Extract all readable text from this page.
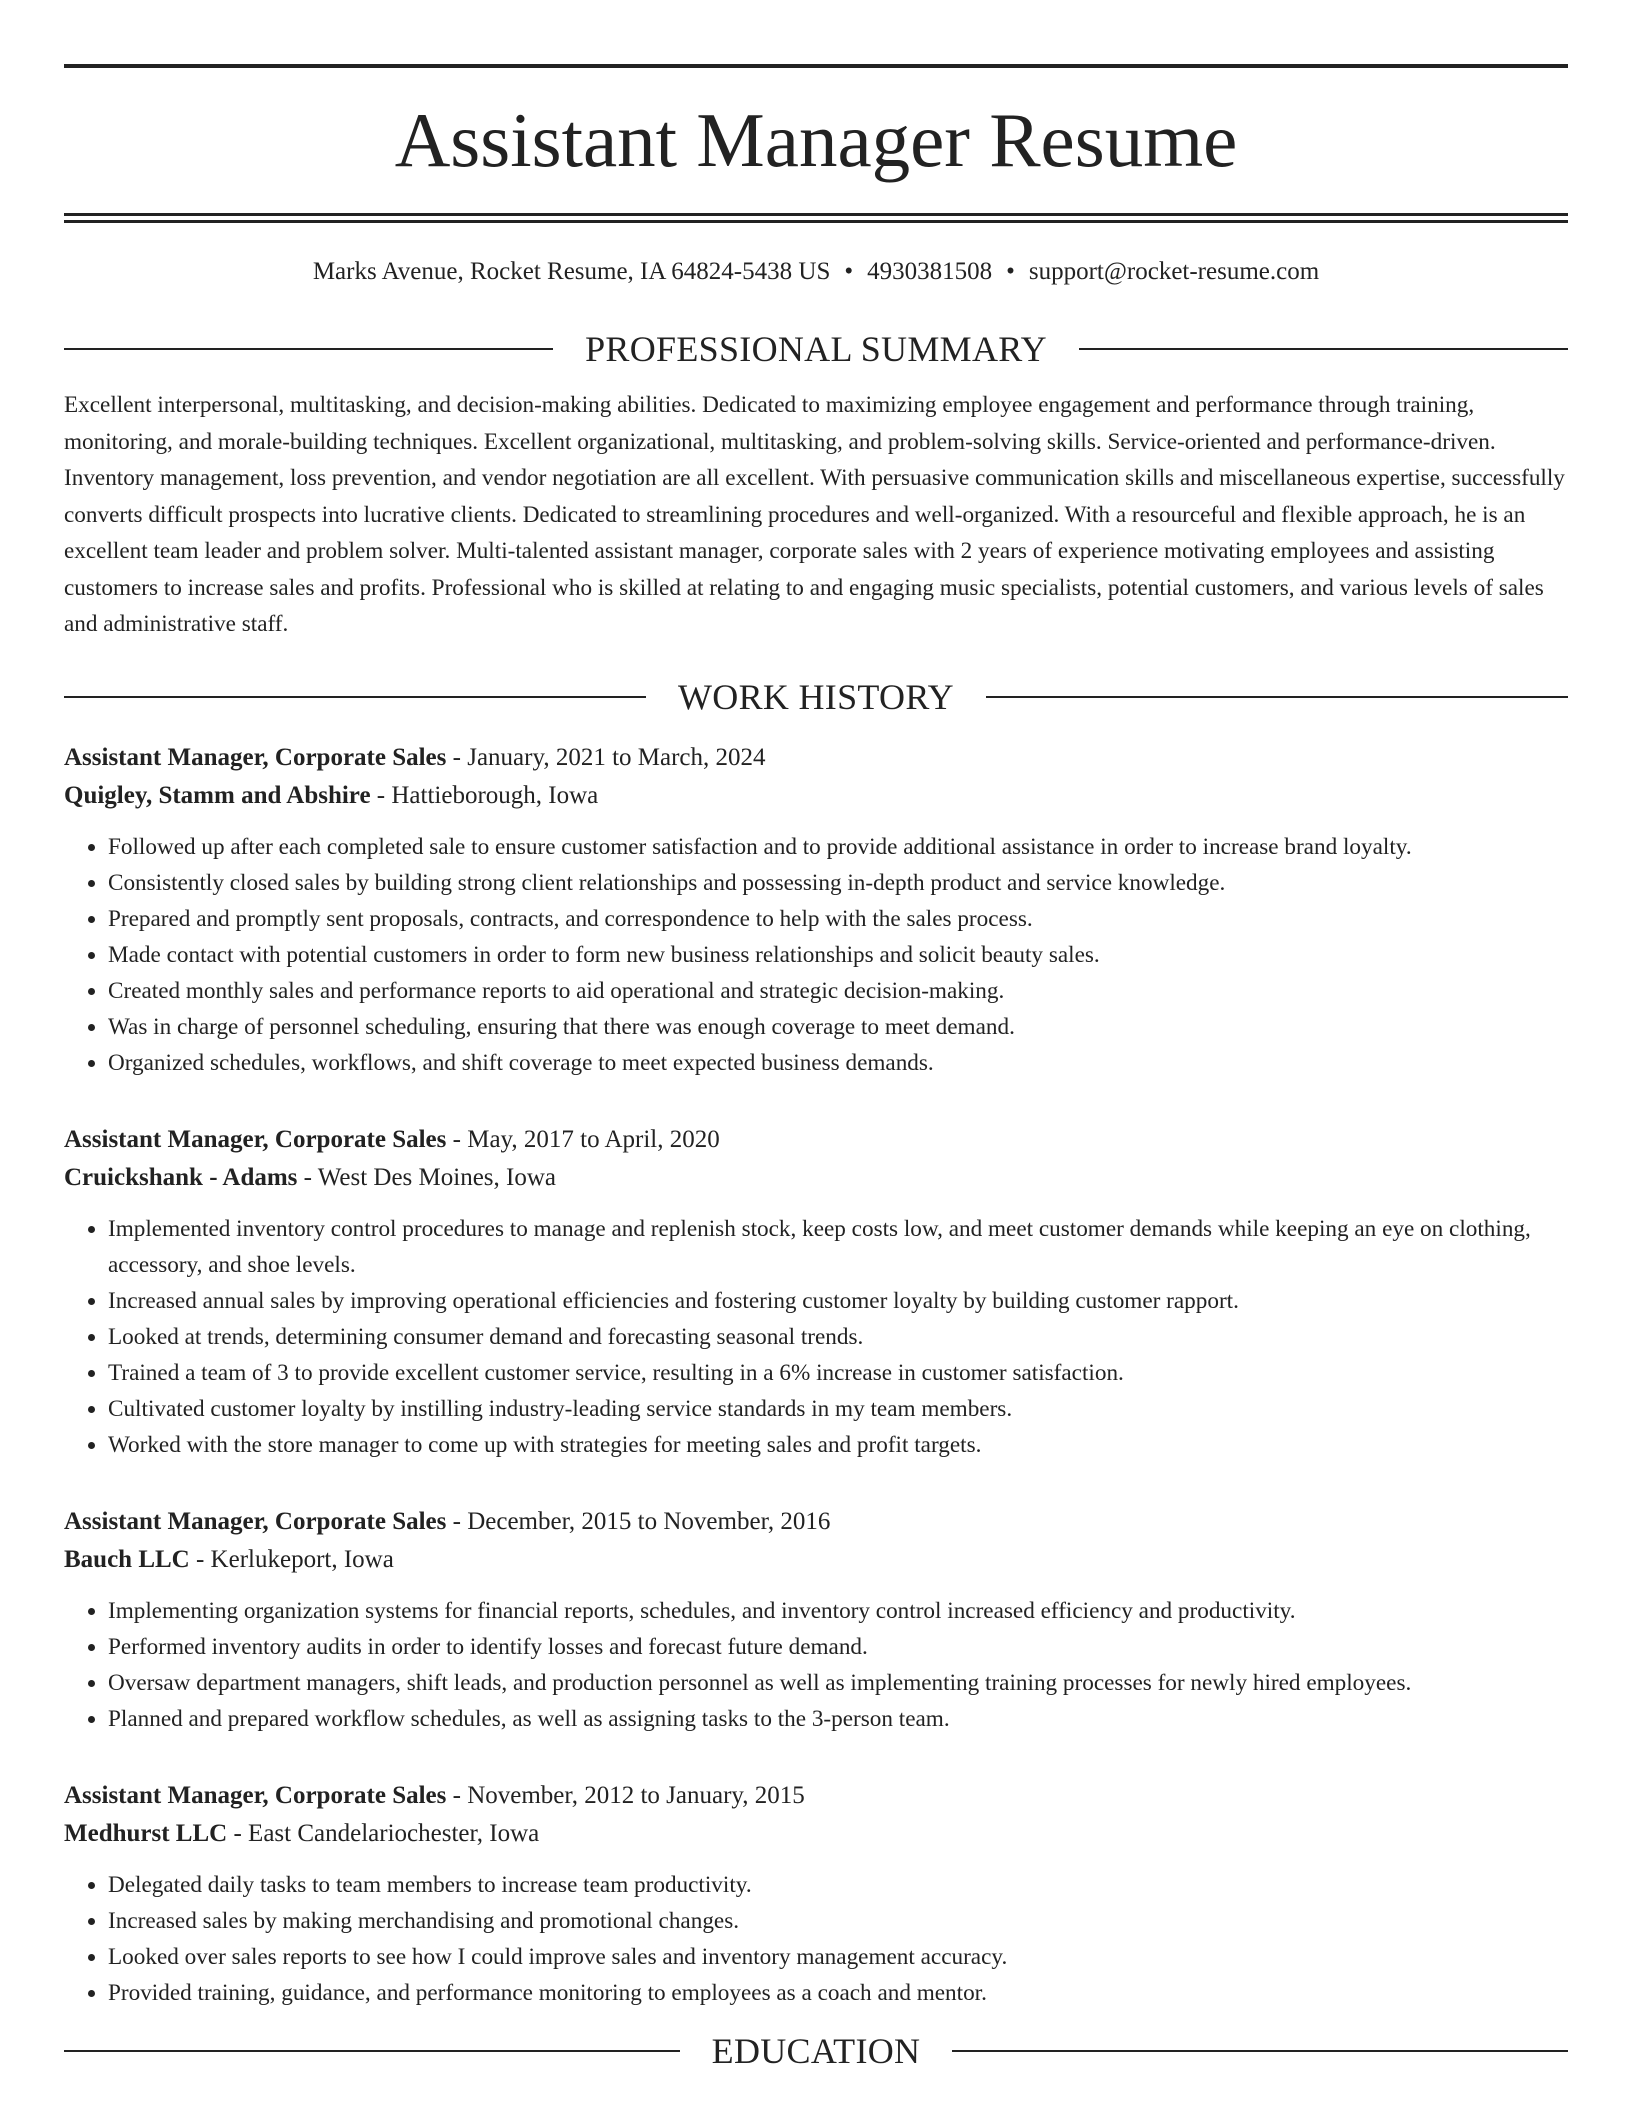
Assistant Manager Resume
Marks Avenue, Rocket Resume, IA 64824-5438 US • 4930381508 • support@rocket-resume.com
PROFESSIONAL SUMMARY

Excellent interpersonal, multitasking, and decision-making abilities. Dedicated to maximizing employee engagement and performance through training, monitoring, and morale-building techniques. Excellent organizational, multitasking, and problem-solving skills. Service-oriented and performance-driven. Inventory management, loss prevention, and vendor negotiation are all excellent. With persuasive communication skills and miscellaneous expertise, successfully converts difficult prospects into lucrative clients. Dedicated to streamlining procedures and well-organized. With a resourceful and flexible approach, he is an excellent team leader and problem solver. Multi-talented assistant manager, corporate sales with 2 years of experience motivating employees and assisting customers to increase sales and profits. Professional who is skilled at relating to and engaging music specialists, potential customers, and various levels of sales and administrative staff.

WORK HISTORY
Assistant Manager, Corporate Sales - January, 2021 to March, 2024
Quigley, Stamm and Abshire - Hattieborough, Iowa
• Followed up after each completed sale to ensure customer satisfaction and to provide additional assistance in order to increase brand loyalty.
• Consistently closed sales by building strong client relationships and possessing in-depth product and service knowledge.
• Prepared and promptly sent proposals, contracts, and correspondence to help with the sales process.
• Made contact with potential customers in order to form new business relationships and solicit beauty sales.
• Created monthly sales and performance reports to aid operational and strategic decision-making.
• Was in charge of personnel scheduling, ensuring that there was enough coverage to meet demand.
• Organized schedules, workflows, and shift coverage to meet expected business demands.
Assistant Manager, Corporate Sales - May, 2017 to April, 2020
Cruickshank - Adams - West Des Moines, Iowa
• Implemented inventory control procedures to manage and replenish stock, keep costs low, and meet customer demands while keeping an eye on clothing, accessory, and shoe levels.
• Increased annual sales by improving operational efficiencies and fostering customer loyalty by building customer rapport.
• Looked at trends, determining consumer demand and forecasting seasonal trends.
• Trained a team of 3 to provide excellent customer service, resulting in a 6% increase in customer satisfaction.
• Cultivated customer loyalty by instilling industry-leading service standards in my team members.
• Worked with the store manager to come up with strategies for meeting sales and profit targets.
Assistant Manager, Corporate Sales - December, 2015 to November, 2016
Bauch LLC - Kerlukeport, Iowa
• Implementing organization systems for financial reports, schedules, and inventory control increased efficiency and productivity.
• Performed inventory audits in order to identify losses and forecast future demand.
• Oversaw department managers, shift leads, and production personnel as well as implementing training processes for newly hired employees.
• Planned and prepared workflow schedules, as well as assigning tasks to the 3-person team.
Assistant Manager, Corporate Sales - November, 2012 to January, 2015
Medhurst LLC - East Candelariochester, Iowa
• Delegated daily tasks to team members to increase team productivity.
• Increased sales by making merchandising and promotional changes.
• Looked over sales reports to see how I could improve sales and inventory management accuracy.
• Provided training, guidance, and performance monitoring to employees as a coach and mentor.
EDUCATION
